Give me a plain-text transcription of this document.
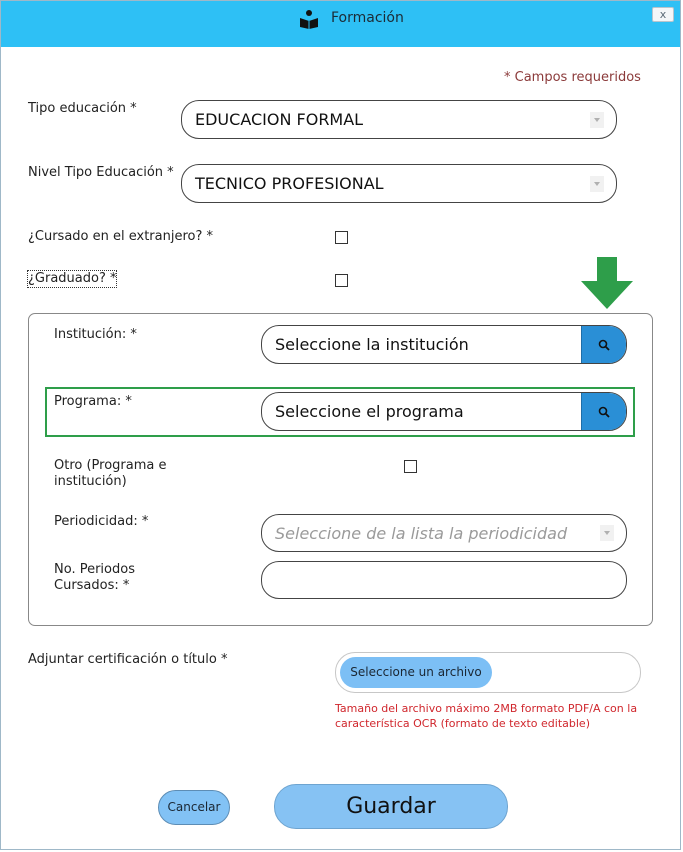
Formación	x
* Campos requeridos
Tipo educación *
EDUCACION FORMAL
Nivel Tipo Educación *
TECNICO PROFESIONAL
¿Cursado en el extranjero? *
¿Graduado? *
Institución: *
Seleccione la institución
Programa: *
Seleccione el programa
Otro (Programa e
institución)
Periodicidad: *
Seleccione de la lista la periodicidad
No. Periodos
Cursados: *
Adjuntar certificación o título *
Seleccione un archivo
Tamaño del archivo máximo 2MB formato PDF/A con la característica OCR (formato de texto editable)
Cancelar	Guardar
